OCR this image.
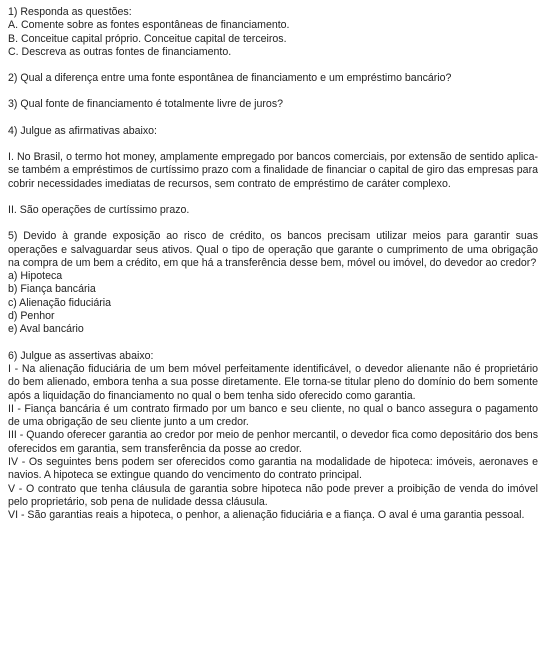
1) Responda as questões:
A. Comente sobre as fontes espontâneas de financiamento.
B. Conceitue capital próprio. Conceitue capital de terceiros.
C. Descreva as outras fontes de financiamento.
2) Qual a diferença entre uma fonte espontânea de financiamento e um empréstimo bancário?
3) Qual fonte de financiamento é totalmente livre de juros?
4) Julgue as afirmativas abaixo:
I. No Brasil, o termo hot money, amplamente empregado por bancos comerciais, por extensão de sentido aplica-se também a empréstimos de curtíssimo prazo com a finalidade de financiar o capital de giro das empresas para cobrir necessidades imediatas de recursos, sem contrato de empréstimo de caráter complexo.
II. São operações de curtíssimo prazo.
5) Devido à grande exposição ao risco de crédito, os bancos precisam utilizar meios para garantir suas operações e salvaguardar seus ativos. Qual o tipo de operação que garante o cumprimento de uma obrigação na compra de um bem a crédito, em que há a transferência desse bem, móvel ou imóvel, do devedor ao credor?
a) Hipoteca
b) Fiança bancária
c) Alienação fiduciária
d) Penhor
e) Aval bancário
6) Julgue as assertivas abaixo:
I - Na alienação fiduciária de um bem móvel perfeitamente identificável, o devedor alienante não é proprietário do bem alienado, embora tenha a sua posse diretamente. Ele torna-se titular pleno do domínio do bem somente após a liquidação do financiamento no qual o bem tenha sido oferecido como garantia.
II - Fiança bancária é um contrato firmado por um banco e seu cliente, no qual o banco assegura o pagamento de uma obrigação de seu cliente junto a um credor.
III - Quando oferecer garantia ao credor por meio de penhor mercantil, o devedor fica como depositário dos bens oferecidos em garantia, sem transferência da posse ao credor.
IV - Os seguintes bens podem ser oferecidos como garantia na modalidade de hipoteca: imóveis, aeronaves e navios. A hipoteca se extingue quando do vencimento do contrato principal.
V - O contrato que tenha cláusula de garantia sobre hipoteca não pode prever a proibição de venda do imóvel pelo proprietário, sob pena de nulidade dessa cláusula.
VI - São garantias reais a hipoteca, o penhor, a alienação fiduciária e a fiança. O aval é uma garantia pessoal.
